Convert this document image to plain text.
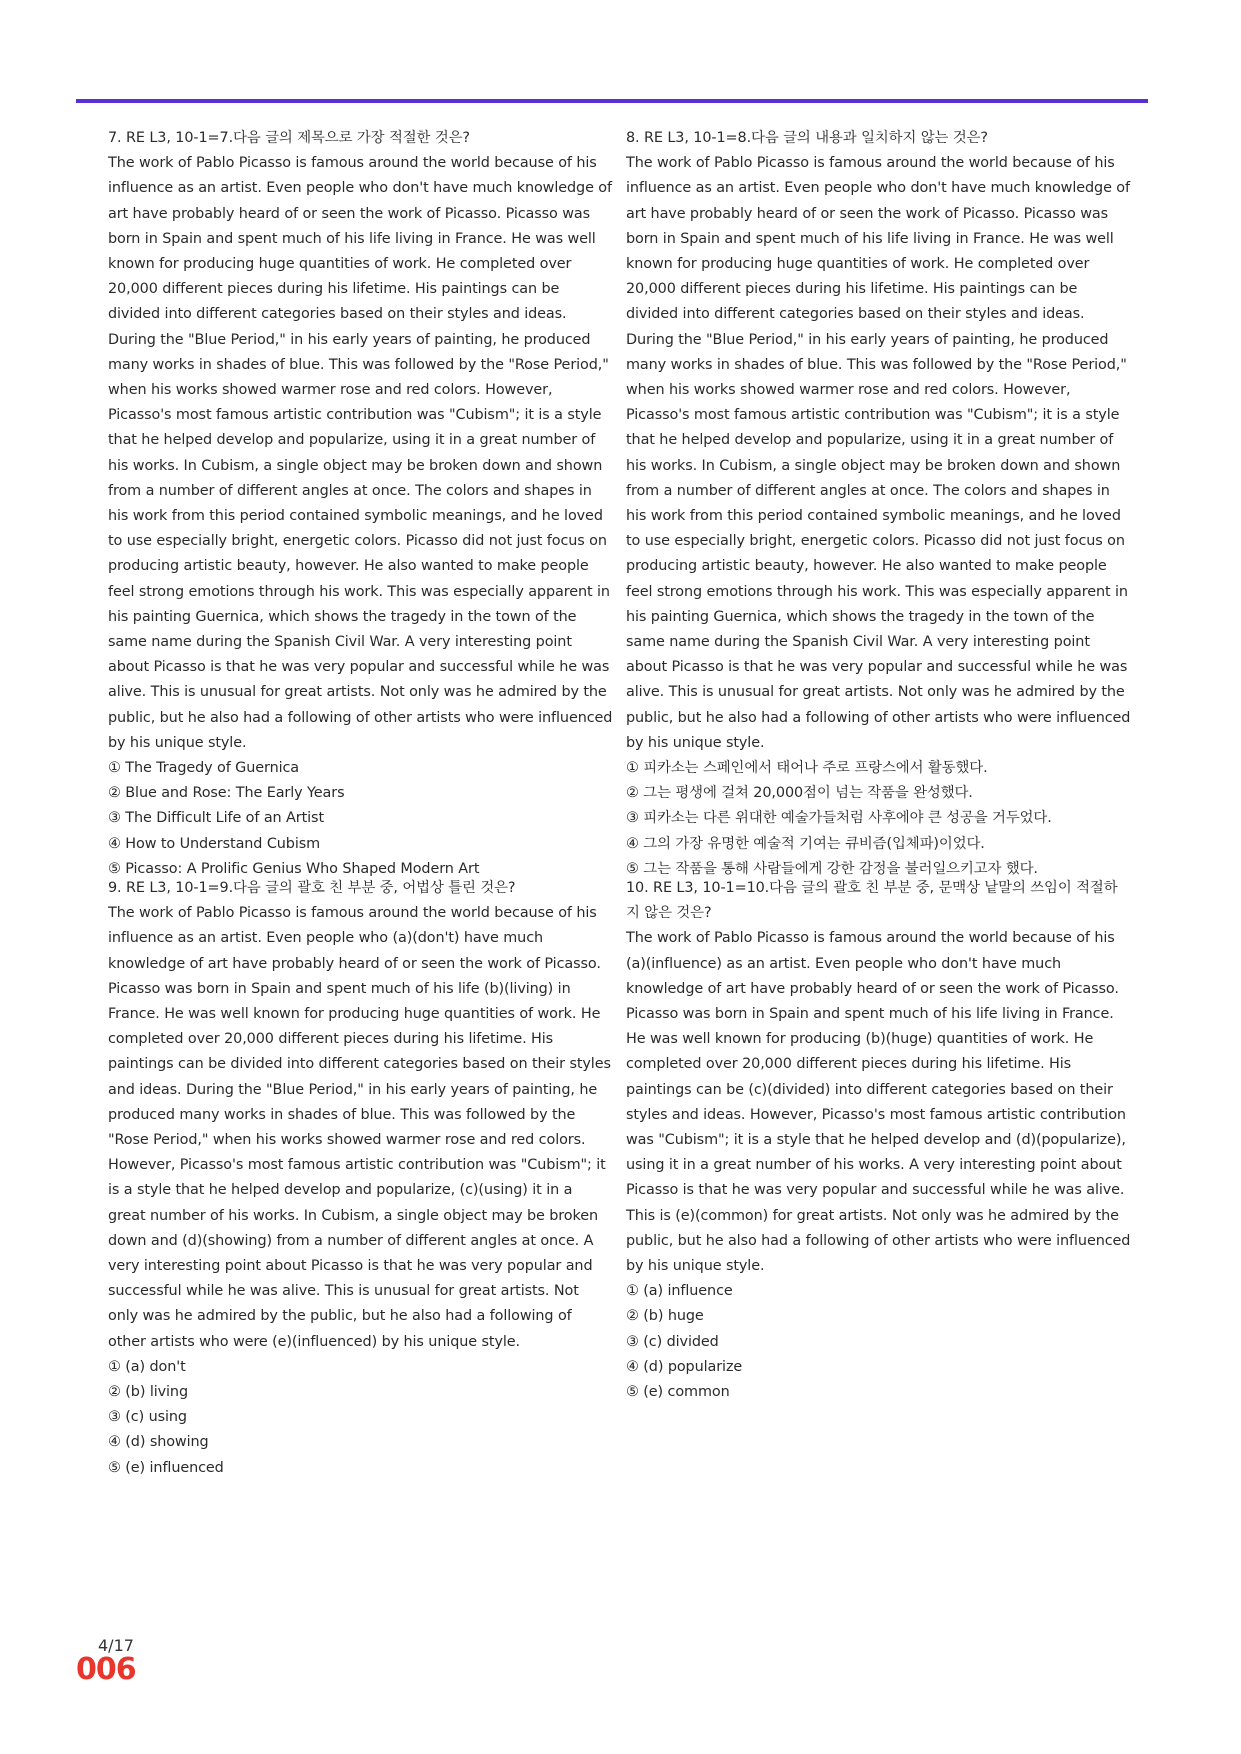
7. RE L3, 10-1=7.다음 글의 제목으로 가장 적절한 것은?

The work of Pablo Picasso is famous around the world because of his influence as an artist. Even people who don't have much knowledge of art have probably heard of or seen the work of Picasso. Picasso was born in Spain and spent much of his life living in France. He was well known for producing huge quantities of work. He completed over 20,000 different pieces during his lifetime. His paintings can be divided into different categories based on their styles and ideas. During the "Blue Period," in his early years of painting, he produced many works in shades of blue. This was followed by the "Rose Period," when his works showed warmer rose and red colors. However, Picasso's most famous artistic contribution was "Cubism"; it is a style that he helped develop and popularize, using it in a great number of his works. In Cubism, a single object may be broken down and shown from a number of different angles at once. The colors and shapes in his work from this period contained symbolic meanings, and he loved to use especially bright, energetic colors. Picasso did not just focus on producing artistic beauty, however. He also wanted to make people feel strong emotions through his work. This was especially apparent in his painting Guernica, which shows the tragedy in the town of the same name during the Spanish Civil War. A very interesting point about Picasso is that he was very popular and successful while he was alive. This is unusual for great artists. Not only was he admired by the public, but he also had a following of other artists who were influenced by his unique style.

① The Tragedy of Guernica
② Blue and Rose: The Early Years
③ The Difficult Life of an Artist
④ How to Understand Cubism
⑤ Picasso: A Prolific Genius Who Shaped Modern Art

8. RE L3, 10-1=8.다음 글의 내용과 일치하지 않는 것은?

The work of Pablo Picasso is famous around the world because of his influence as an artist. Even people who don't have much knowledge of art have probably heard of or seen the work of Picasso. Picasso was born in Spain and spent much of his life living in France. He was well known for producing huge quantities of work. He completed over 20,000 different pieces during his lifetime. His paintings can be divided into different categories based on their styles and ideas. During the "Blue Period," in his early years of painting, he produced many works in shades of blue. This was followed by the "Rose Period," when his works showed warmer rose and red colors. However, Picasso's most famous artistic contribution was "Cubism"; it is a style that he helped develop and popularize, using it in a great number of his works. In Cubism, a single object may be broken down and shown from a number of different angles at once. The colors and shapes in his work from this period contained symbolic meanings, and he loved to use especially bright, energetic colors. Picasso did not just focus on producing artistic beauty, however. He also wanted to make people feel strong emotions through his work. This was especially apparent in his painting Guernica, which shows the tragedy in the town of the same name during the Spanish Civil War. A very interesting point about Picasso is that he was very popular and successful while he was alive. This is unusual for great artists. Not only was he admired by the public, but he also had a following of other artists who were influenced by his unique style.

① 피카소는 스페인에서 태어나 주로 프랑스에서 활동했다.
② 그는 평생에 걸쳐 20,000점이 넘는 작품을 완성했다.
③ 피카소는 다른 위대한 예술가들처럼 사후에야 큰 성공을 거두었다.
④ 그의 가장 유명한 예술적 기여는 큐비즘(입체파)이었다.
⑤ 그는 작품을 통해 사람들에게 강한 감정을 불러일으키고자 했다.

9. RE L3, 10-1=9.다음 글의 괄호 친 부분 중, 어법상 틀린 것은?

The work of Pablo Picasso is famous around the world because of his influence as an artist. Even people who (a)(don't) have much knowledge of art have probably heard of or seen the work of Picasso. Picasso was born in Spain and spent much of his life (b)(living) in France. He was well known for producing huge quantities of work. He completed over 20,000 different pieces during his lifetime. His paintings can be divided into different categories based on their styles and ideas. During the "Blue Period," in his early years of painting, he produced many works in shades of blue. This was followed by the "Rose Period," when his works showed warmer rose and red colors. However, Picasso's most famous artistic contribution was "Cubism"; it is a style that he helped develop and popularize, (c)(using) it in a great number of his works. In Cubism, a single object may be broken down and (d)(showing) from a number of different angles at once. A very interesting point about Picasso is that he was very popular and successful while he was alive. This is unusual for great artists. Not only was he admired by the public, but he also had a following of other artists who were (e)(influenced) by his unique style.

① (a) don't
② (b) living
③ (c) using
④ (d) showing
⑤ (e) influenced

10. RE L3, 10-1=10.다음 글의 괄호 친 부분 중, 문맥상 낱말의 쓰임이 적절하지 않은 것은?

The work of Pablo Picasso is famous around the world because of his (a)(influence) as an artist. Even people who don't have much knowledge of art have probably heard of or seen the work of Picasso. Picasso was born in Spain and spent much of his life living in France. He was well known for producing (b)(huge) quantities of work. He completed over 20,000 different pieces during his lifetime. His paintings can be (c)(divided) into different categories based on their styles and ideas. However, Picasso's most famous artistic contribution was "Cubism"; it is a style that he helped develop and (d)(popularize), using it in a great number of his works. A very interesting point about Picasso is that he was very popular and successful while he was alive. This is (e)(common) for great artists. Not only was he admired by the public, but he also had a following of other artists who were influenced by his unique style.

① (a) influence
② (b) huge
③ (c) divided
④ (d) popularize
⑤ (e) common
4/17
006
